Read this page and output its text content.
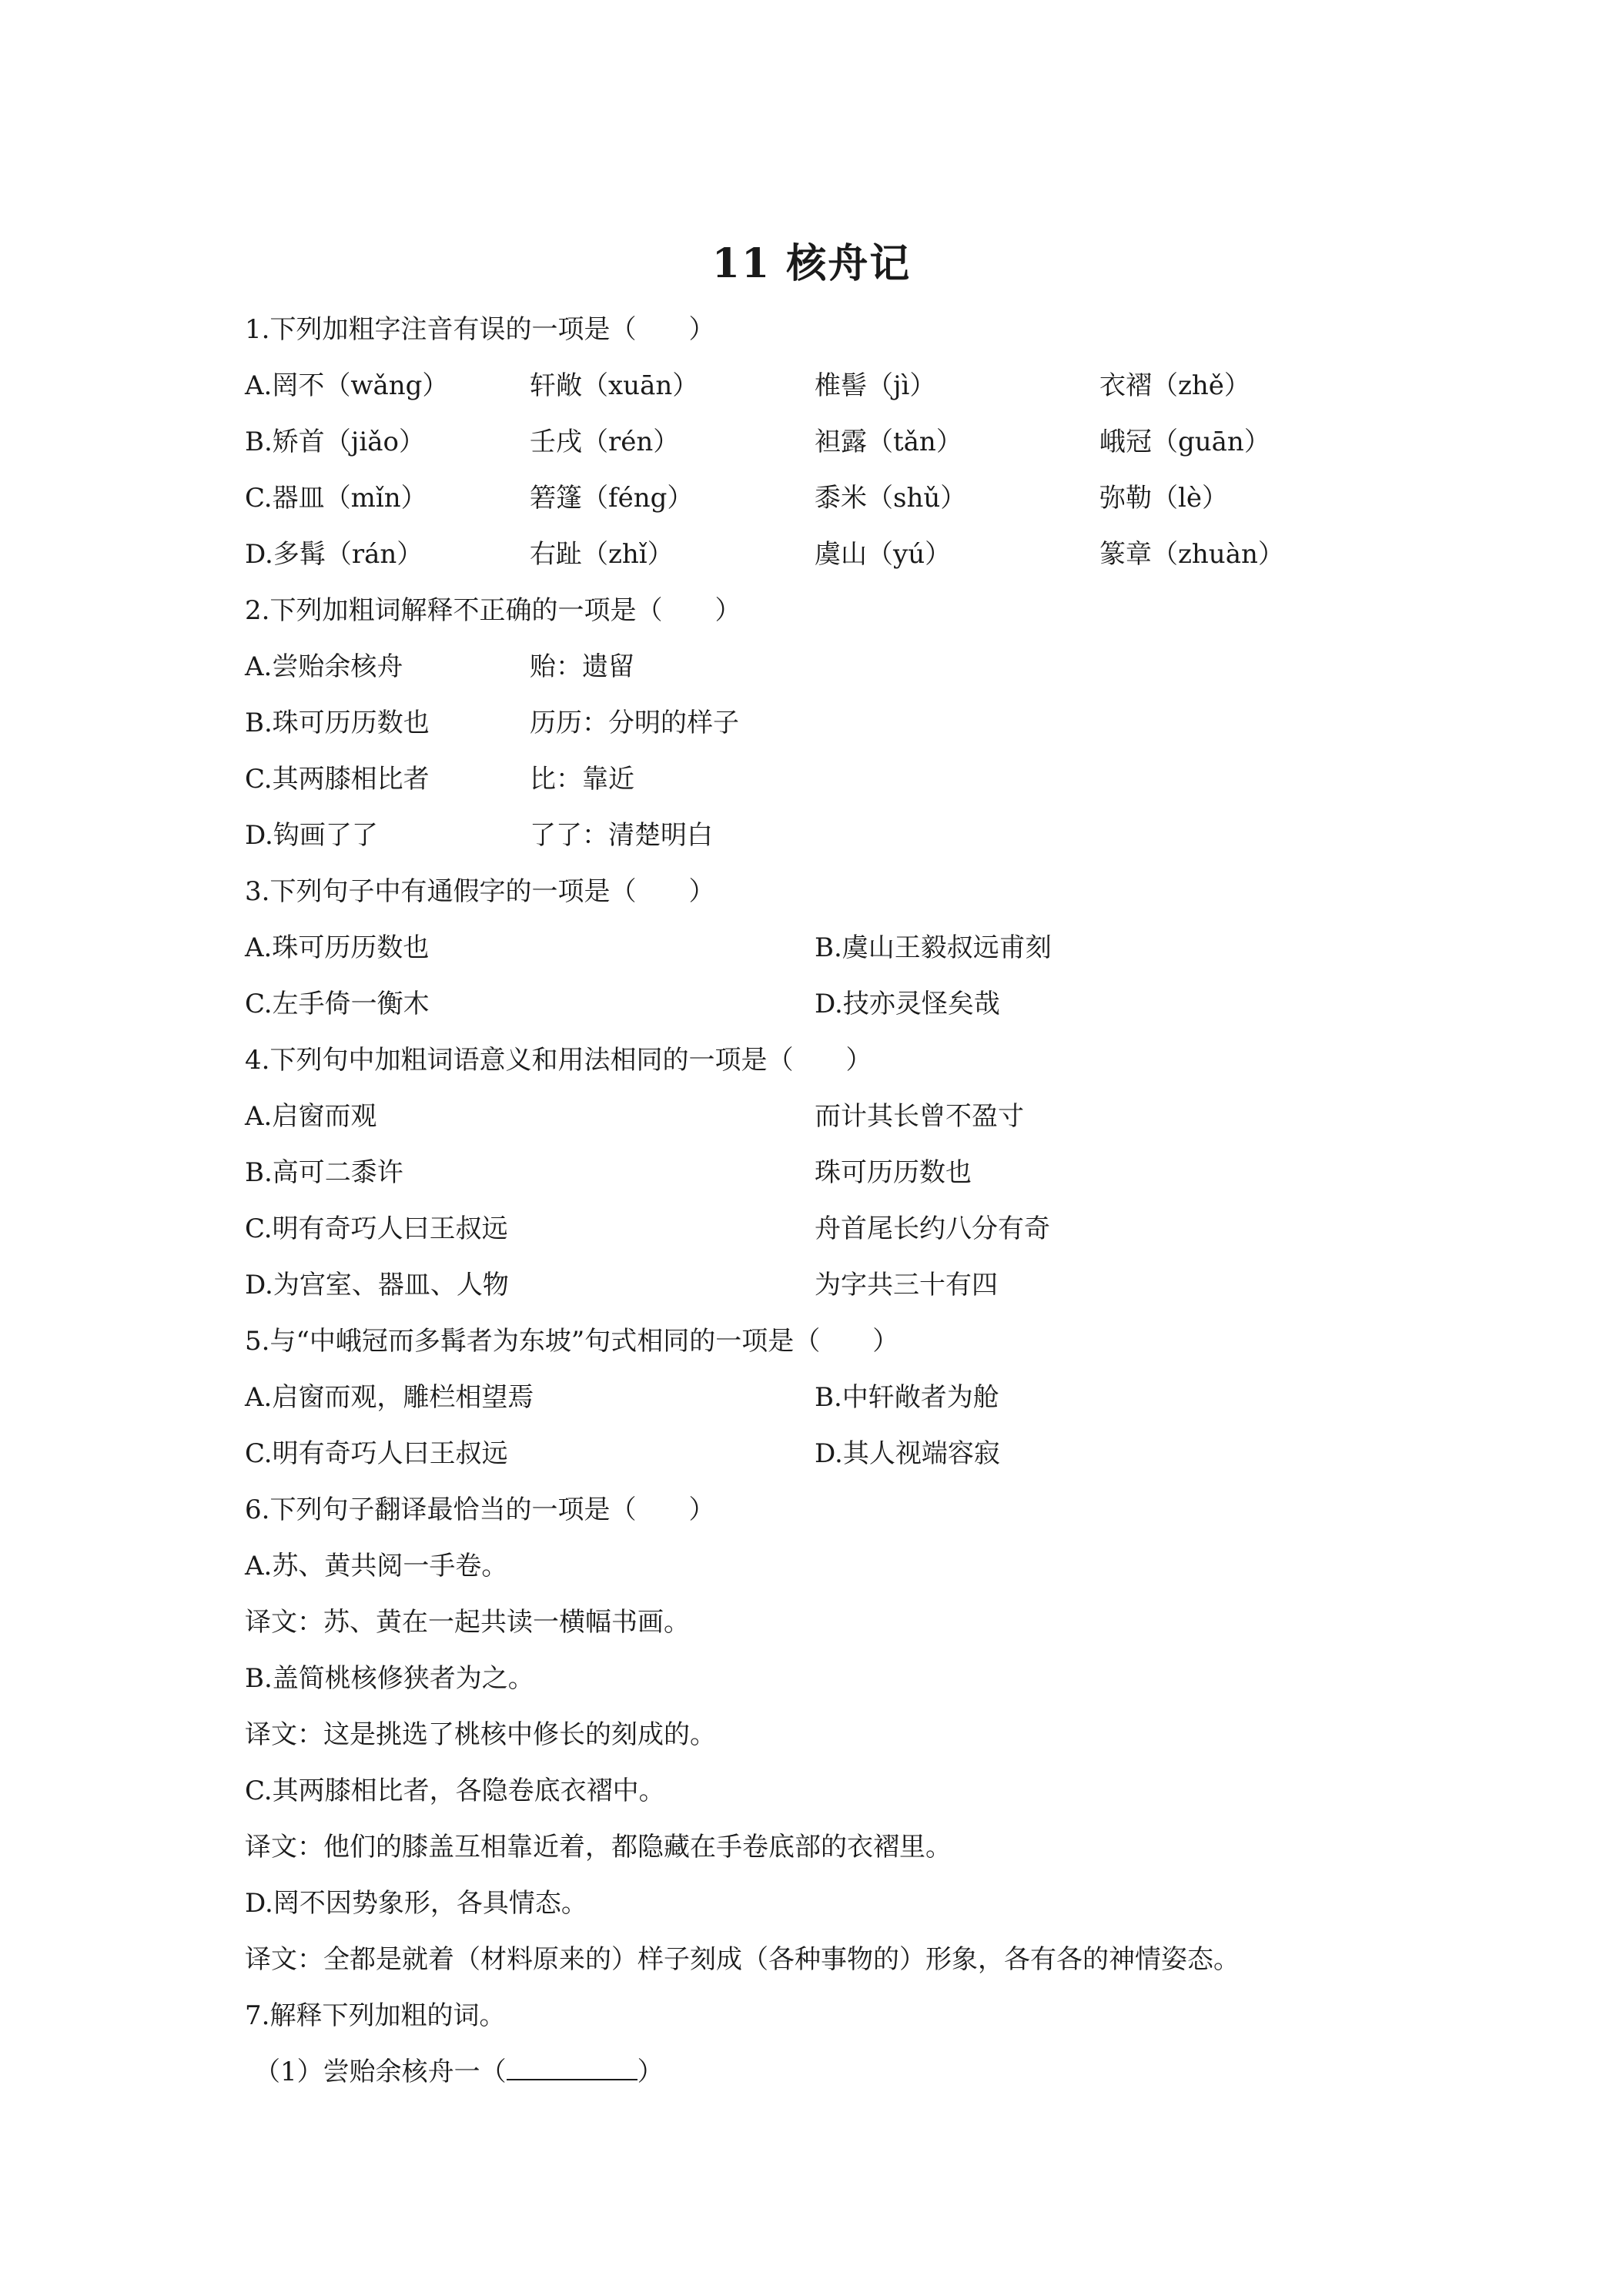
11 核舟记
1.下列加粗字注音有误的一项是（　　）
A.罔不（wǎng）	轩敞（xuān）	椎髻（jì）	衣褶（zhě）
B.矫首（jiǎo）	壬戌（rén）	袒露（tǎn）	峨冠（guān）
C.器皿（mǐn）	箬篷（féng）	黍米（shǔ）	弥勒（lè）
D.多髯（rán）	右趾（zhǐ）	虞山（yú）	篆章（zhuàn）
2.下列加粗词解释不正确的一项是（　　）
A.尝贻余核舟	贻：遗留
B.珠可历历数也	历历：分明的样子
C.其两膝相比者	比：靠近
D.钩画了了	了了：清楚明白
3.下列句子中有通假字的一项是（　　）
A.珠可历历数也	B.虞山王毅叔远甫刻
C.左手倚一衡木	D.技亦灵怪矣哉
4.下列句中加粗词语意义和用法相同的一项是（　　）
A.启窗而观	而计其长曾不盈寸
B.高可二黍许	珠可历历数也
C.明有奇巧人曰王叔远	舟首尾长约八分有奇
D.为宫室、器皿、人物	为字共三十有四
5.与“中峨冠而多髯者为东坡”句式相同的一项是（　　）
A.启窗而观，雕栏相望焉	B.中轩敞者为舱
C.明有奇巧人曰王叔远	D.其人视端容寂
6.下列句子翻译最恰当的一项是（　　）
A.苏、黄共阅一手卷。
译文：苏、黄在一起共读一横幅书画。
B.盖简桃核修狭者为之。
译文：这是挑选了桃核中修长的刻成的。
C.其两膝相比者，各隐卷底衣褶中。
译文：他们的膝盖互相靠近着，都隐藏在手卷底部的衣褶里。
D.罔不因势象形，各具情态。
译文：全都是就着（材料原来的）样子刻成（各种事物的）形象，各有各的神情姿态。
7.解释下列加粗的词。
（1）尝贻余核舟一（	）
